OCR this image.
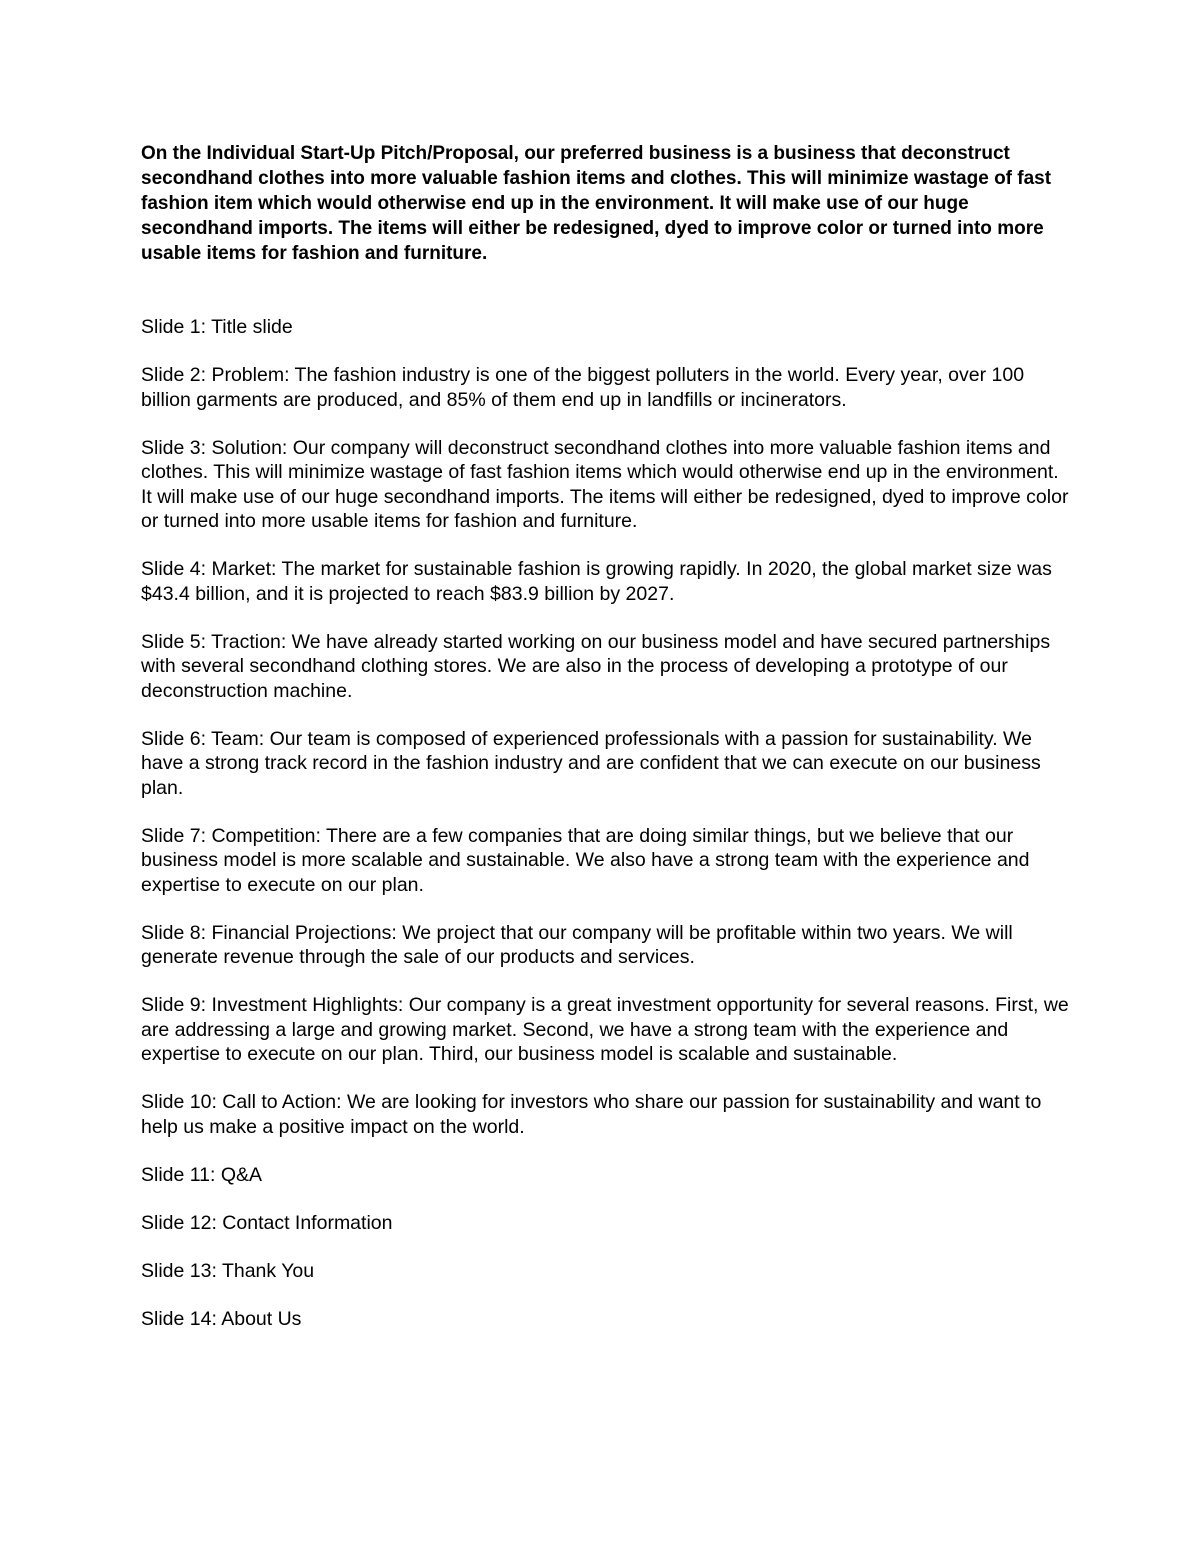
On the Individual Start-Up Pitch/Proposal, our preferred business is a business that deconstruct secondhand clothes into more valuable fashion items and clothes. This will minimize wastage of fast fashion item which would otherwise end up in the environment. It will make use of our huge secondhand imports. The items will either be redesigned, dyed to improve color or turned into more usable items for fashion and furniture.

Slide 1: Title slide

Slide 2: Problem: The fashion industry is one of the biggest polluters in the world. Every year, over 100 billion garments are produced, and 85% of them end up in landfills or incinerators.

Slide 3: Solution: Our company will deconstruct secondhand clothes into more valuable fashion items and clothes. This will minimize wastage of fast fashion items which would otherwise end up in the environment. It will make use of our huge secondhand imports. The items will either be redesigned, dyed to improve color or turned into more usable items for fashion and furniture.

Slide 4: Market: The market for sustainable fashion is growing rapidly. In 2020, the global market size was $43.4 billion, and it is projected to reach $83.9 billion by 2027.

Slide 5: Traction: We have already started working on our business model and have secured partnerships with several secondhand clothing stores. We are also in the process of developing a prototype of our deconstruction machine.

Slide 6: Team: Our team is composed of experienced professionals with a passion for sustainability. We have a strong track record in the fashion industry and are confident that we can execute on our business plan.

Slide 7: Competition: There are a few companies that are doing similar things, but we believe that our business model is more scalable and sustainable. We also have a strong team with the experience and expertise to execute on our plan.

Slide 8: Financial Projections: We project that our company will be profitable within two years. We will generate revenue through the sale of our products and services.

Slide 9: Investment Highlights: Our company is a great investment opportunity for several reasons. First, we are addressing a large and growing market. Second, we have a strong team with the experience and expertise to execute on our plan. Third, our business model is scalable and sustainable.

Slide 10: Call to Action: We are looking for investors who share our passion for sustainability and want to help us make a positive impact on the world.

Slide 11: Q&A

Slide 12: Contact Information

Slide 13: Thank You

Slide 14: About Us
